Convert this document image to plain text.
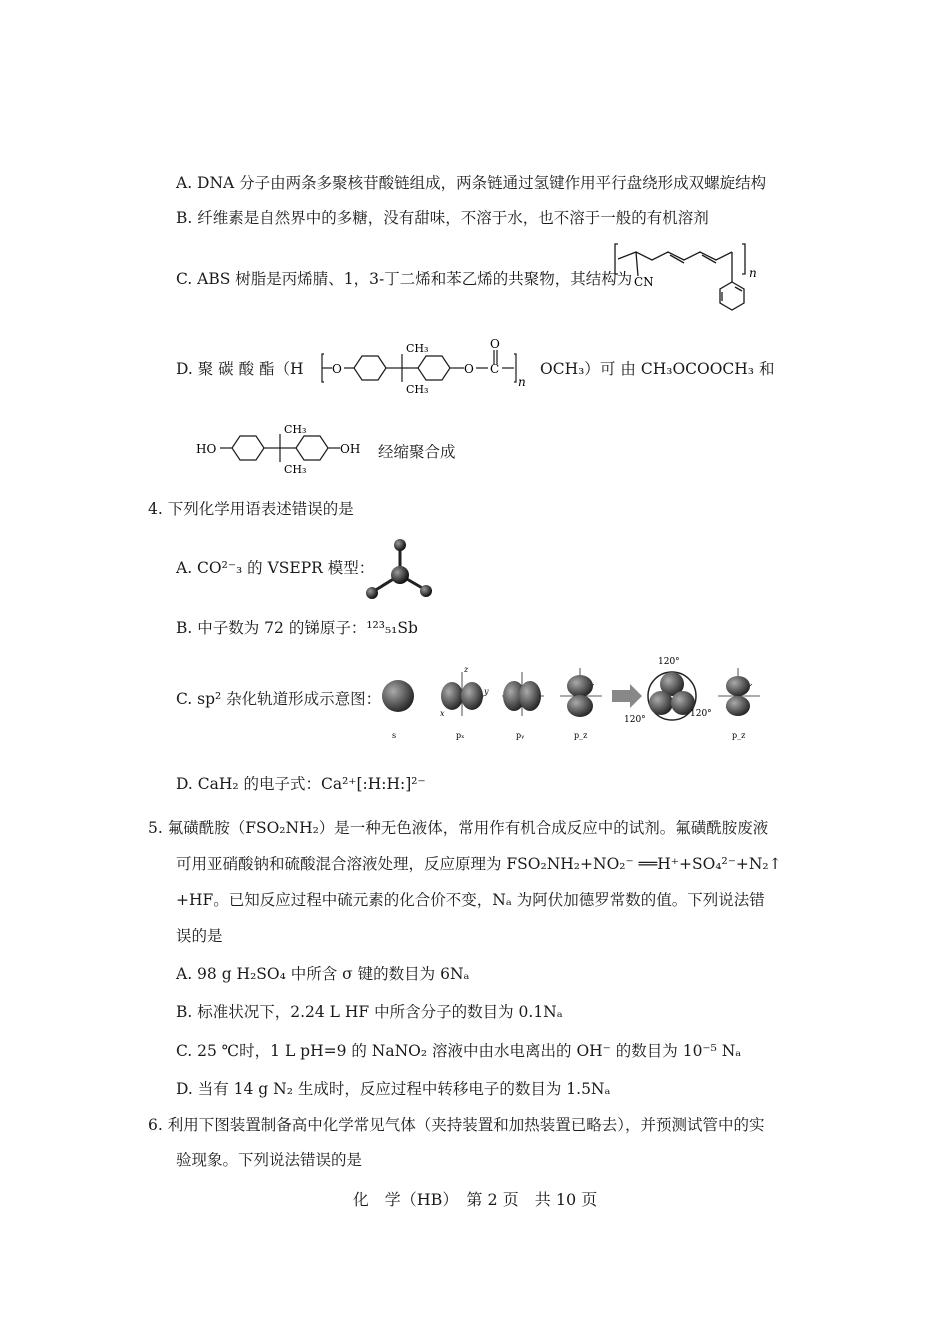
A. DNA 分子由两条多聚核苷酸链组成，两条链通过氢键作用平行盘绕形成双螺旋结构
B. 纤维素是自然界中的多糖，没有甜味，不溶于水，也不溶于一般的有机溶剂
C. ABS 树脂是丙烯腈、1，3-丁二烯和苯乙烯的共聚物，其结构为 CN
n
D. 聚 碳 酸 酯（H O
CH₃
CH₃
O
O
C
n
OCH₃） 可 由 CH₃OCOOCH₃ 和
HO
CH₃
CH₃
OH 经缩聚合成
4. 下列化学用语表述错误的是
A. CO²⁻₃ 的 VSEPR 模型：
B. 中子数为 72 的锑原子：¹²³₅₁Sb
C. sp² 杂化轨道形成示意图：
120°
120°
120°
x
y
z
s	pₓ	pᵧ	p_z	p_z
D. CaH₂ 的电子式：Ca²⁺[:H:H:]²⁻
5. 氟磺酰胺（FSO₂NH₂）是一种无色液体，常用作有机合成反应中的试剂。氟磺酰胺废液
可用亚硝酸钠和硫酸混合溶液处理，反应原理为 FSO₂NH₂+NO₂⁻ ══H⁺+SO₄²⁻+N₂↑
+HF。已知反应过程中硫元素的化合价不变，Nₐ 为阿伏加德罗常数的值。下列说法错
误的是
A. 98 g H₂SO₄ 中所含 σ 键的数目为 6Nₐ
B. 标准状况下，2.24 L HF 中所含分子的数目为 0.1Nₐ
C. 25 ℃时，1 L pH=9 的 NaNO₂ 溶液中由水电离出的 OH⁻ 的数目为 10⁻⁵ Nₐ
D. 当有 14 g N₂ 生成时，反应过程中转移电子的数目为 1.5Nₐ
6. 利用下图装置制备高中化学常见气体（夹持装置和加热装置已略去），并预测试管中的实
验现象。下列说法错误的是
化　学（HB）　第 2 页　共 10 页
